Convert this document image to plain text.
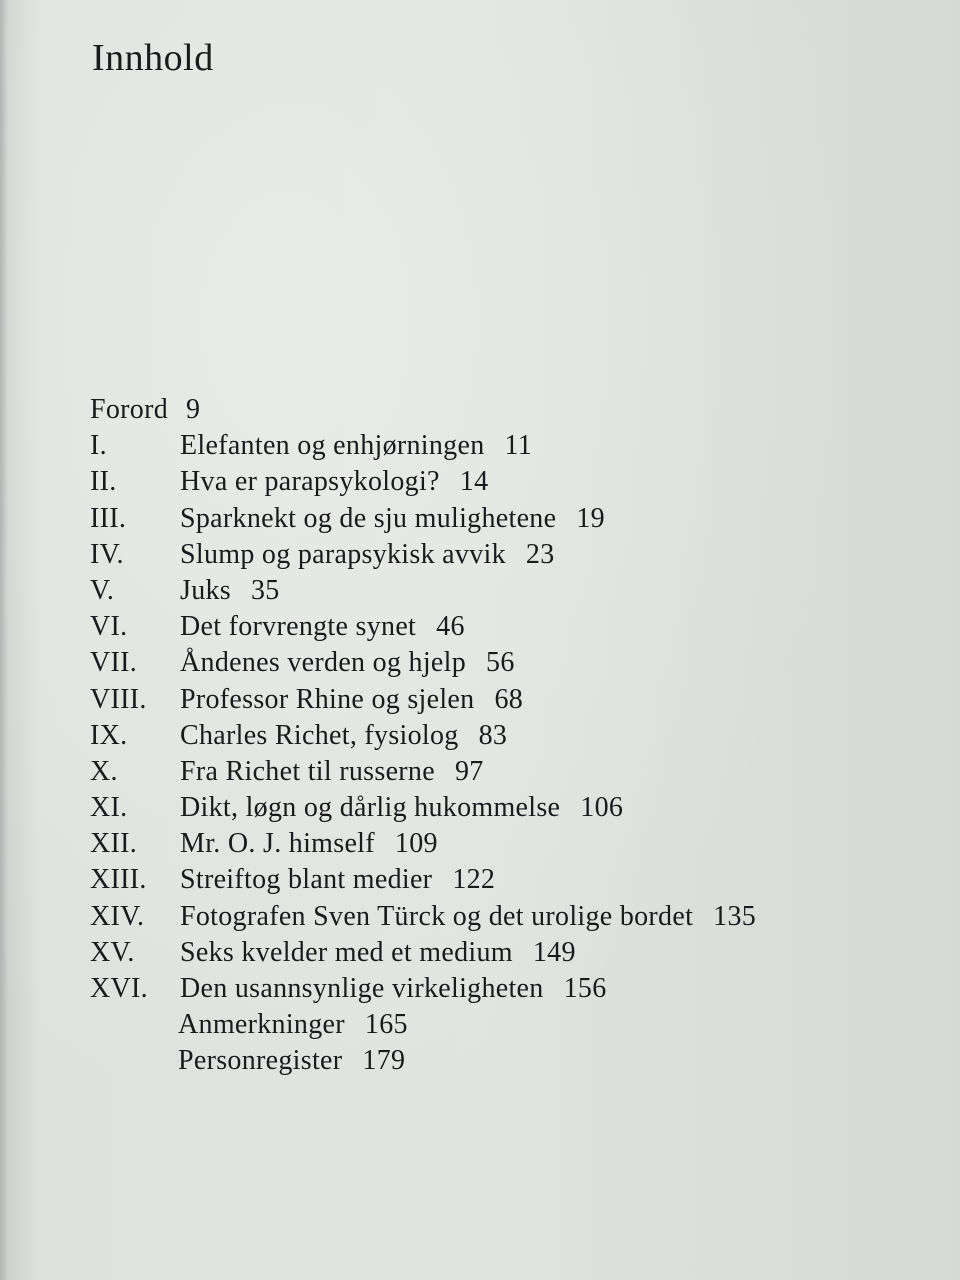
Innhold
Forord 9
I.	Elefanten og enhjørningen 11
II.	Hva er parapsykologi? 14
III.	Sparknekt og de sju mulighetene 19
IV.	Slump og parapsykisk avvik 23
V.	Juks 35
VI.	Det forvrengte synet 46
VII.	Åndenes verden og hjelp 56
VIII.	Professor Rhine og sjelen 68
IX.	Charles Richet, fysiolog 83
X.	Fra Richet til russerne 97
XI.	Dikt, løgn og dårlig hukommelse 106
XII.	Mr. O. J. himself 109
XIII.	Streiftog blant medier 122
XIV.	Fotografen Sven Türck og det urolige bordet 135
XV.	Seks kvelder med et medium 149
XVI.	Den usannsynlige virkeligheten 156
Anmerkninger 165
Personregister 179
